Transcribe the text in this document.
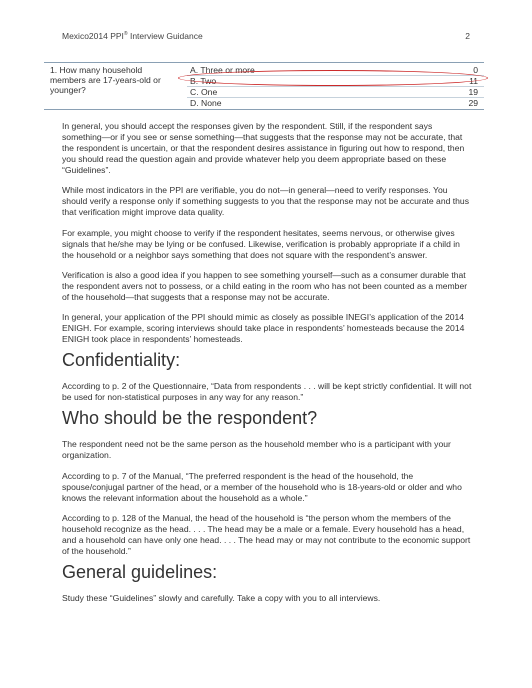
Mexico2014 PPI® Interview Guidance	2
1. How many household members are 17-years-old or younger?
A. Three or more	0
B. Two	11
C. One	19
D. None	29

In general, you should accept the responses given by the respondent. Still, if the respondent says something—or if you see or sense something—that suggests that the response may not be accurate, that the respondent is uncertain, or that the respondent desires assistance in figuring out how to respond, then you should read the question again and provide whatever help you deem appropriate based on these “Guidelines”.

While most indicators in the PPI are verifiable, you do not—in general—need to verify responses. You should verify a response only if something suggests to you that the response may not be accurate and thus that verification might improve data quality.

For example, you might choose to verify if the respondent hesitates, seems nervous, or otherwise gives signals that he/she may be lying or be confused. Likewise, verification is probably appropriate if a child in the household or a neighbor says something that does not square with the respondent’s answer.

Verification is also a good idea if you happen to see something yourself—such as a consumer durable that the respondent avers not to possess, or a child eating in the room who has not been counted as a member of the household—that suggests that a response may not be accurate.

In general, your application of the PPI should mimic as closely as possible INEGI’s application of the 2014 ENIGH. For example, scoring interviews should take place in respondents’ homesteads because the 2014 ENIGH took place in respondents’ homesteads.

Confidentiality:

According to p. 2 of the Questionnaire, “Data from respondents . . . will be kept strictly confidential. It will not be used for non-statistical purposes in any way for any reason.”

Who should be the respondent?

The respondent need not be the same person as the household member who is a participant with your organization.

According to p. 7 of the Manual, “The preferred respondent is the head of the household, the spouse/conjugal partner of the head, or a member of the household who is 18-years-old or older and who knows the relevant information about the household as a whole.”

According to p. 128 of the Manual, the head of the household is “the person whom the members of the household recognize as the head. . . . The head may be a male or a female. Every household has a head, and a household can have only one head. . . . The head may or may not contribute to the economic support of the household.”

General guidelines:

Study these “Guidelines” slowly and carefully. Take a copy with you to all interviews.
